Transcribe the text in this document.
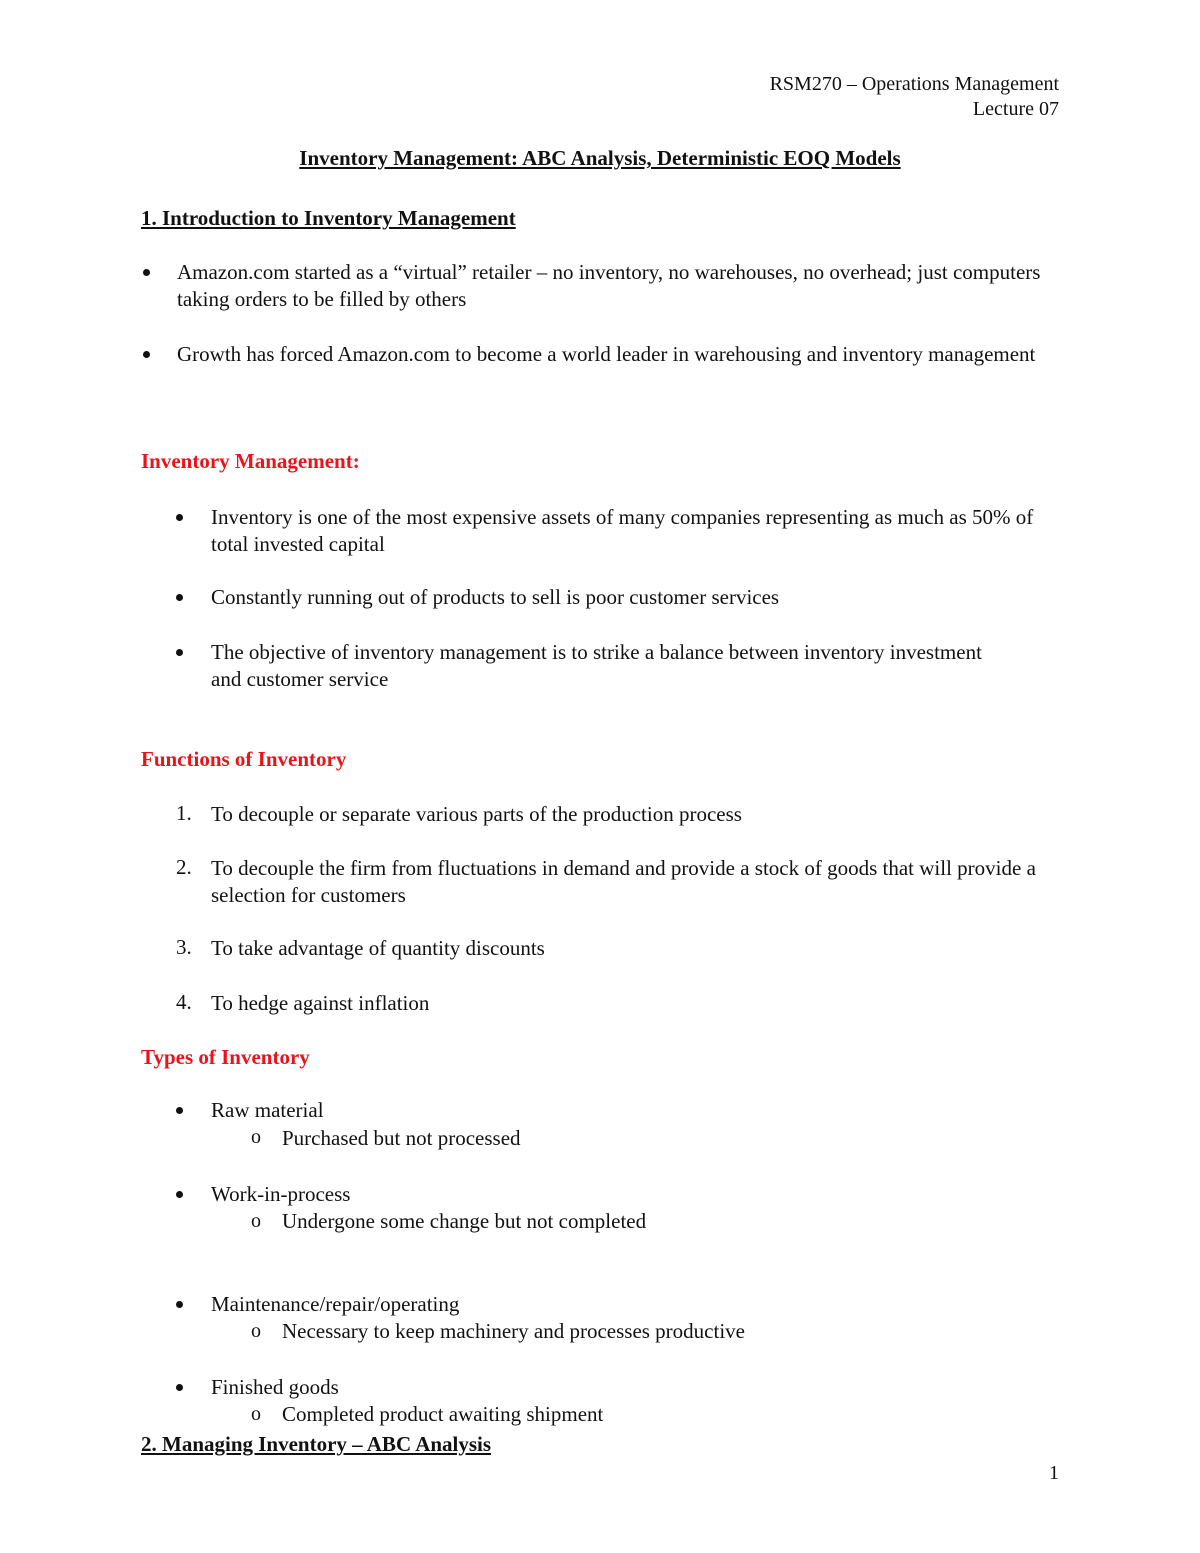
RSM270 – Operations Management
Lecture 07
Inventory Management: ABC Analysis, Deterministic EOQ Models
1. Introduction to Inventory Management
Amazon.com started as a “virtual” retailer – no inventory, no warehouses, no overhead; just computers taking orders to be filled by others
Growth has forced Amazon.com to become a world leader in warehousing and inventory management
Inventory Management:
Inventory is one of the most expensive assets of many companies representing as much as 50% of total invested capital
Constantly running out of products to sell is poor customer services
The objective of inventory management is to strike a balance between inventory investment and customer service
Functions of Inventory
1. To decouple or separate various parts of the production process
2. To decouple the firm from fluctuations in demand and provide a stock of goods that will provide a selection for customers
3. To take advantage of quantity discounts
4. To hedge against inflation
Types of Inventory
Raw material
o Purchased but not processed
Work-in-process
o Undergone some change but not completed
Maintenance/repair/operating
o Necessary to keep machinery and processes productive
Finished goods
o Completed product awaiting shipment
2. Managing Inventory – ABC Analysis
1
